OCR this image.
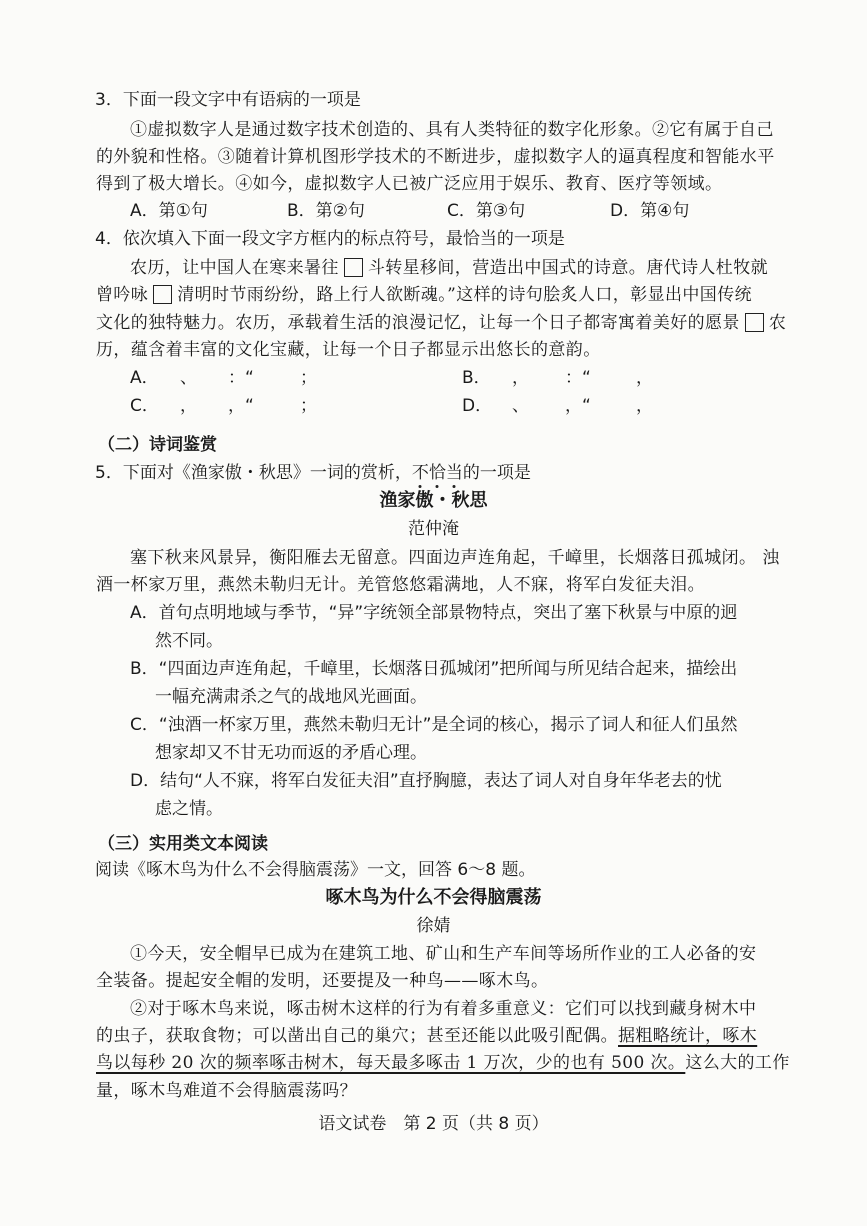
3．下面一段文字中有语病的一项是
①虚拟数字人是通过数字技术创造的、具有人类特征的数字化形象。②它有属于自己
的外貌和性格。③随着计算机图形学技术的不断进步，虚拟数字人的逼真程度和智能水平
得到了极大增长。④如今，虚拟数字人已被广泛应用于娱乐、教育、医疗等领域。
A．第①句	B．第②句	C．第③句	D．第④句
4．依次填入下面一段文字方框内的标点符号，最恰当的一项是
农历，让中国人在寒来暑往 斗转星移间，营造出中国式的诗意。唐代诗人杜牧就
曾吟咏 清明时节雨纷纷，路上行人欲断魂。”这样的诗句脍炙人口，彰显出中国传统
文化的独特魅力。农历，承载着生活的浪漫记忆，让每一个日子都寄寓着美好的愿景 农
历，蕴含着丰富的文化宝藏，让每一个日子都显示出悠长的意韵。
A． 、 ：“	；	B． ， ：“	，
C． ， ，“	；	D． 、 ，“	，
（二）诗词鉴赏
5．下面对《渔家傲・秋思》一词的赏析，不恰当的一项是
渔家傲・秋思
范仲淹
塞下秋来风景异，衡阳雁去无留意。四面边声连角起，千嶂里，长烟落日孤城闭。 浊
酒一杯家万里，燕然未勒归无计。羌管悠悠霜满地，人不寐，将军白发征夫泪。
A．首句点明地域与季节，“异”字统领全部景物特点，突出了塞下秋景与中原的迥
然不同。
B．“四面边声连角起，千嶂里，长烟落日孤城闭”把所闻与所见结合起来，描绘出
一幅充满肃杀之气的战地风光画面。
C．“浊酒一杯家万里，燕然未勒归无计”是全词的核心，揭示了词人和征人们虽然
想家却又不甘无功而返的矛盾心理。
D．结句“人不寐，将军白发征夫泪”直抒胸臆，表达了词人对自身年华老去的忧
虑之情。
（三）实用类文本阅读
阅读《啄木鸟为什么不会得脑震荡》一文，回答 6～8 题。
啄木鸟为什么不会得脑震荡
徐婧
①今天，安全帽早已成为在建筑工地、矿山和生产车间等场所作业的工人必备的安
全装备。提起安全帽的发明，还要提及一种鸟——啄木鸟。
②对于啄木鸟来说，啄击树木这样的行为有着多重意义：它们可以找到藏身树木中
的虫子，获取食物；可以凿出自己的巢穴；甚至还能以此吸引配偶。据粗略统计，啄木
鸟以每秒 20 次的频率啄击树木，每天最多啄击 1 万次，少的也有 500 次。这么大的工作
量，啄木鸟难道不会得脑震荡吗？
语文试卷　第 2 页（共 8 页）
